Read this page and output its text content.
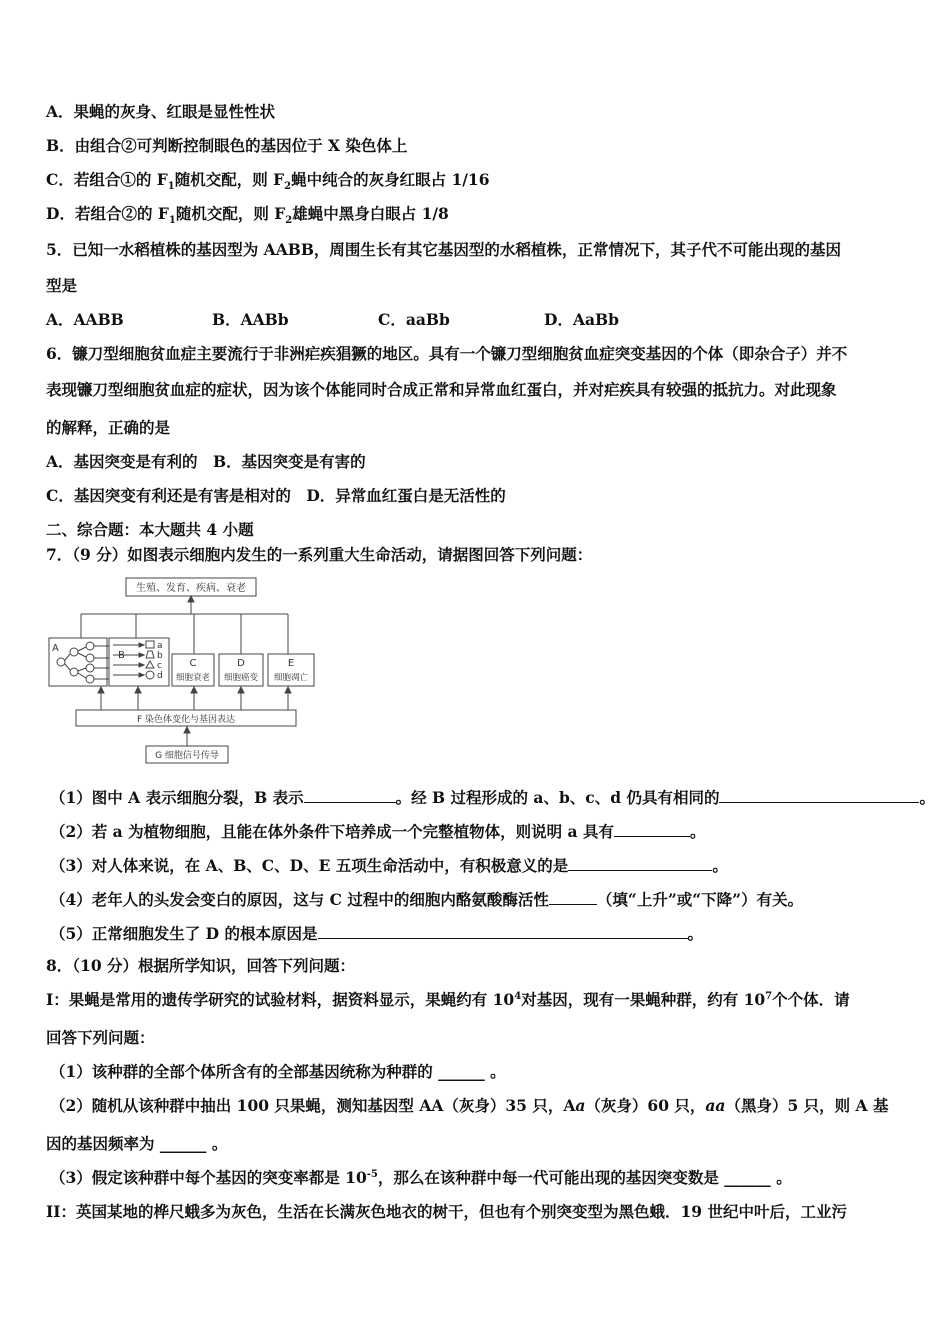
A．果蝇的灰身、红眼是显性性状
B．由组合②可判断控制眼色的基因位于 X 染色体上
C．若组合①的 $F_1$随机交配，则 $F_2$蝇中纯合的灰身红眼占 1/16
D．若组合②的 $F_1$随机交配，则 $F_2$雄蝇中黑身白眼占 1/8
5．已知一水稻植株的基因型为 AABB，周围生长有其它基因型的水稻植株，正常情况下，其子代不可能出现的基因
型是
A．AABB	B．AABb	C．aaBb	D．AaBb
6．镰刀型细胞贫血症主要流行于非洲疟疾猖獗的地区。具有一个镰刀型细胞贫血症突变基因的个体（即杂合子）并不
表现镰刀型细胞贫血症的症状，因为该个体能同时合成正常和异常血红蛋白，并对疟疾具有较强的抵抗力。对此现象
的解释，正确的是
A．基因突变是有利的　B．基因突变是有害的
C．基因突变有利还是有害是相对的　D．异常血红蛋白是无活性的
二、综合题：本大题共 4 小题
7．（9 分）如图表示细胞内发生的一系列重大生命活动，请据图回答下列问题：
生殖、发育、疾病、衰老
A
B
a
b
c
d
C
细胞衰老
D
细胞癌变
E
细胞凋亡
F 染色体变化与基因表达
G 细胞信号传导
（1）图中 A 表示细胞分裂，B 表示	。经 B 过程形成的 a、b、c、d 仍具有相同的	。
（2）若 a 为植物细胞，且能在体外条件下培养成一个完整植物体，则说明 a 具有	。
（3）对人体来说，在 A、B、C、D、E 五项生命活动中，有积极意义的是	。
（4）老年人的头发会变白的原因，这与 C 过程中的细胞内酪氨酸酶活性	（填“上升”或“下降”）有关。
（5）正常细胞发生了 D 的根本原因是	。
8．（10 分）根据所学知识，回答下列问题：
I：果蝇是常用的遗传学研究的试验材料，据资料显示，果蝇约有 $10^4$对基因，现有一果蝇种群，约有 $10^7$个个体．请
回答下列问题：
（1）该种群的全部个体所含有的全部基因统称为种群的 ______ 。
（2）随机从该种群中抽出 100 只果蝇，测知基因型 AA（灰身）35 只，Aa（灰身）60 只，aa（黑身）5 只，则 A 基
因的基因频率为 ______ 。
（3）假定该种群中每个基因的突变率都是 $10^{-5}$，那么在该种群中每一代可能出现的基因突变数是 ______ 。
II：英国某地的桦尺蛾多为灰色，生活在长满灰色地衣的树干，但也有个别突变型为黑色蛾．19 世纪中叶后，工业污
